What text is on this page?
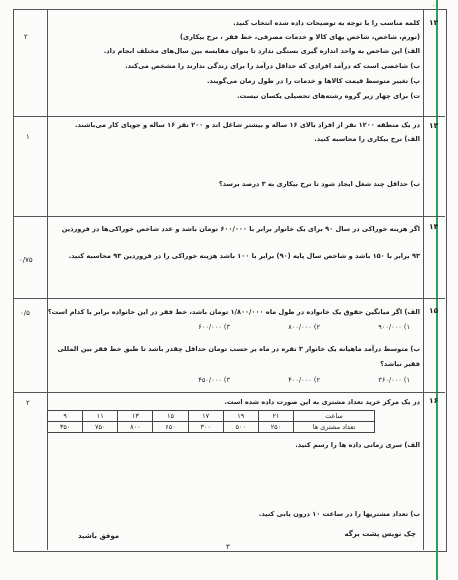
۰
۱۲
۲
کلمه مناسب را با توجه به توضیحات داده شده انتخاب کنید.
(تورم، شاخص، شاخص بهای کالا و خدمات مصرفی، خط فقر ، نرخ بیکاری)
الف) این شاخص به واحد اندازه گیری بستگی ندارد تا بتوان مقایسه بین سال‌های مختلف انجام داد.
ب) شاخصی است که درآمد افرادی که حداقل درآمد را برای زندگی ندارند را مشخص می‌کند.
پ) تغییر متوسط قیمت کالاها و خدمات را در طول زمان می‌گویند.
ت) برای چهار زیر گروه رشته‌های تحصیلی یکسان نیست.
۱۳
۱
در یک منطقه ۱۲۰۰ نفر از افراد بالای ۱۶ ساله و بیشتر شاغل اند و ۲۰۰ نفر ۱۶ ساله و جویای کار می‌باشند.
الف) نرخ بیکاری را محاسبه کنید.
ب) حداقل چند شغل ایجاد شود تا نرخ بیکاری به ۳ درصد برسد؟
۱۴
۰/۷۵
اگر هزینه خوراکی در سال ۹۰ برای یک خانوار برابر با ۶۰۰/۰۰۰ تومان باشد و عدد شاخص خوراکی‌ها در فروردین
۹۳ برابر با ۱۵۰ باشد و شاخص سال پایه (۹۰) برابر با ۱۰۰ باشد هزینه خوراکی را در فروردین ۹۳ محاسبه کنید.
۱۵
۰/۵	الف) اگر میانگین حقوق یک خانواده در طول ماه ۱/۸۰۰/۰۰۰ تومان باشد، خط فقر در این خانواده برابر با کدام است؟
۱) ۹۰۰/۰۰۰
۲) ۸۰۰/۰۰۰
۳) ۶۰۰/۰۰۰
ب) متوسط درآمد ماهیانه یک خانوار ۳ نفره در ماه بر حسب تومان حداقل چقدر باشد تا طبق خط فقر بین المللی
فقیر نباشد؟
۱) ۳۶۰/۰۰۰
۲) ۴۰۰/۰۰۰
۳) ۴۵۰/۰۰۰
۱۶
۲	در یک مرکز خرید تعداد مشتری به این صورت داده شده است.
ساعت	۲۱	۱۹	۱۷	۱۵	۱۳	۱۱	۹
تعداد مشتری ها	۲۵۰	۵۰۰	۳۰۰	۶۵۰	۸۰۰	۷۵۰	۳۵۰
الف) سری زمانی داده ها را رسم کنید.
ب) تعداد مشتریها را در ساعت ۱۰ درون یابی کنید.
چک نویس پشت برگه
موفق باشید
۳
